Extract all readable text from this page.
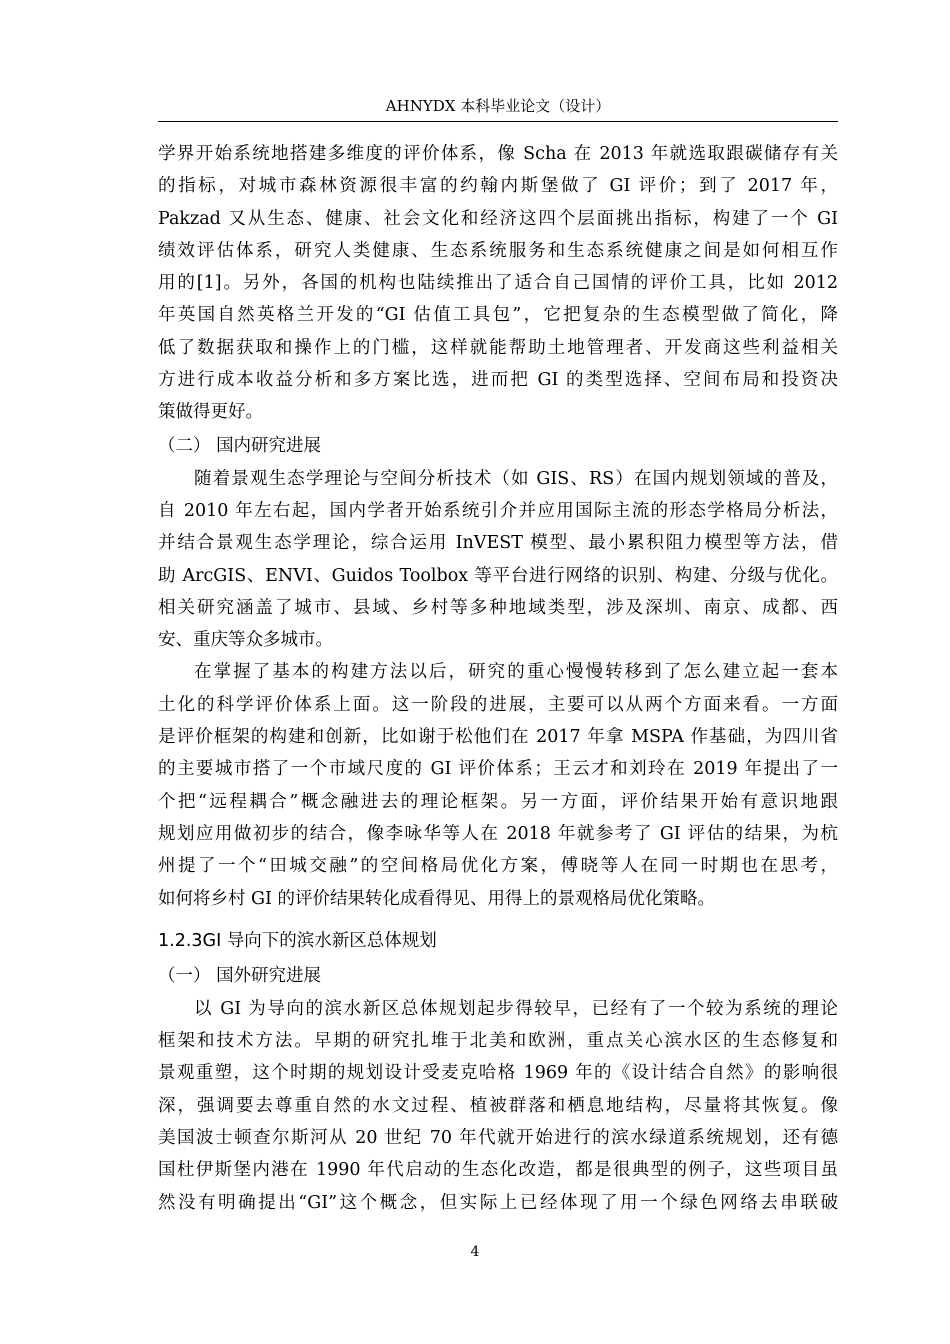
AHNYDX 本科毕业论文（设计）
学界开始系统地搭建多维度的评价体系，像 Scha 在 2013 年就选取跟碳储存有关
的指标，对城市森林资源很丰富的约翰内斯堡做了 GI 评价；到了 2017 年，
Pakzad 又从生态、健康、社会文化和经济这四个层面挑出指标，构建了一个 GI
绩效评估体系，研究人类健康、生态系统服务和生态系统健康之间是如何相互作
用的[1]。另外，各国的机构也陆续推出了适合自己国情的评价工具，比如 2012
年英国自然英格兰开发的“GI 估值工具包”，它把复杂的生态模型做了简化，降
低了数据获取和操作上的门槛，这样就能帮助土地管理者、开发商这些利益相关
方进行成本收益分析和多方案比选，进而把 GI 的类型选择、空间布局和投资决
策做得更好。
（二） 国内研究进展
随着景观生态学理论与空间分析技术（如 GIS、RS）在国内规划领域的普及，
自 2010 年左右起，国内学者开始系统引介并应用国际主流的形态学格局分析法，
并结合景观生态学理论，综合运用 InVEST 模型、最小累积阻力模型等方法，借
助 ArcGIS、ENVI、Guidos Toolbox 等平台进行网络的识别、构建、分级与优化。
相关研究涵盖了城市、县域、乡村等多种地域类型，涉及深圳、南京、成都、西
安、重庆等众多城市。
在掌握了基本的构建方法以后，研究的重心慢慢转移到了怎么建立起一套本
土化的科学评价体系上面。这一阶段的进展，主要可以从两个方面来看。一方面
是评价框架的构建和创新，比如谢于松他们在 2017 年拿 MSPA 作基础，为四川省
的主要城市搭了一个市域尺度的 GI 评价体系；王云才和刘玲在 2019 年提出了一
个把“远程耦合”概念融进去的理论框架。另一方面，评价结果开始有意识地跟
规划应用做初步的结合，像李咏华等人在 2018 年就参考了 GI 评估的结果，为杭
州提了一个“田城交融”的空间格局优化方案，傅晓等人在同一时期也在思考，
如何将乡村 GI 的评价结果转化成看得见、用得上的景观格局优化策略。
1.2.3GI 导向下的滨水新区总体规划
（一） 国外研究进展
以 GI 为导向的滨水新区总体规划起步得较早，已经有了一个较为系统的理论
框架和技术方法。早期的研究扎堆于北美和欧洲，重点关心滨水区的生态修复和
景观重塑，这个时期的规划设计受麦克哈格 1969 年的《设计结合自然》的影响很
深，强调要去尊重自然的水文过程、植被群落和栖息地结构，尽量将其恢复。像
美国波士顿查尔斯河从 20 世纪 70 年代就开始进行的滨水绿道系统规划，还有德
国杜伊斯堡内港在 1990 年代启动的生态化改造，都是很典型的例子，这些项目虽
然没有明确提出“GI”这个概念，但实际上已经体现了用一个绿色网络去串联破
4
